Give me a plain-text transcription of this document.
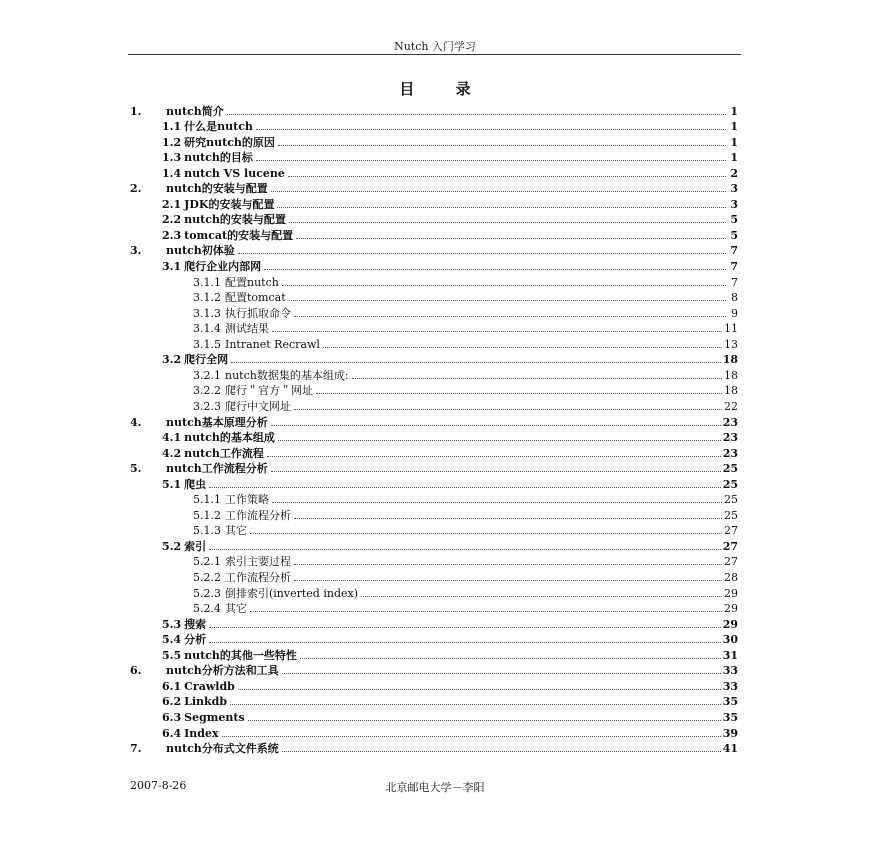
Nutch 入门学习
目 录
1.	nutch简介	1
1.1 什么是nutch	1
1.2 研究nutch的原因	1
1.3 nutch的目标	1
1.4 nutch VS lucene	2
2.	nutch的安装与配置	3
2.1 JDK的安装与配置	3
2.2 nutch的安装与配置	5
2.3 tomcat的安装与配置	5
3.	nutch初体验	7
3.1 爬行企业内部网	7
3.1.1 配置nutch	7
3.1.2 配置tomcat	8
3.1.3 执行抓取命令	9
3.1.4 测试结果	11
3.1.5 Intranet Recrawl	13
3.2 爬行全网	18
3.2.1 nutch数据集的基本组成:	18
3.2.2 爬行＂官方＂网址	18
3.2.3 爬行中文网址	22
4.	nutch基本原理分析	23
4.1 nutch的基本组成	23
4.2 nutch工作流程	23
5.	nutch工作流程分析	25
5.1 爬虫	25
5.1.1 工作策略	25
5.1.2 工作流程分析	25
5.1.3 其它	27
5.2 索引	27
5.2.1 索引主要过程	27
5.2.2 工作流程分析	28
5.2.3 倒排索引(inverted index)	29
5.2.4 其它	29
5.3 搜索	29
5.4 分析	30
5.5 nutch的其他一些特性	31
6.	nutch分析方法和工具	33
6.1 Crawldb	33
6.2 Linkdb	35
6.3 Segments	35
6.4 Index	39
7.	nutch分布式文件系统	41
2007-8-26	北京邮电大学－李阳
